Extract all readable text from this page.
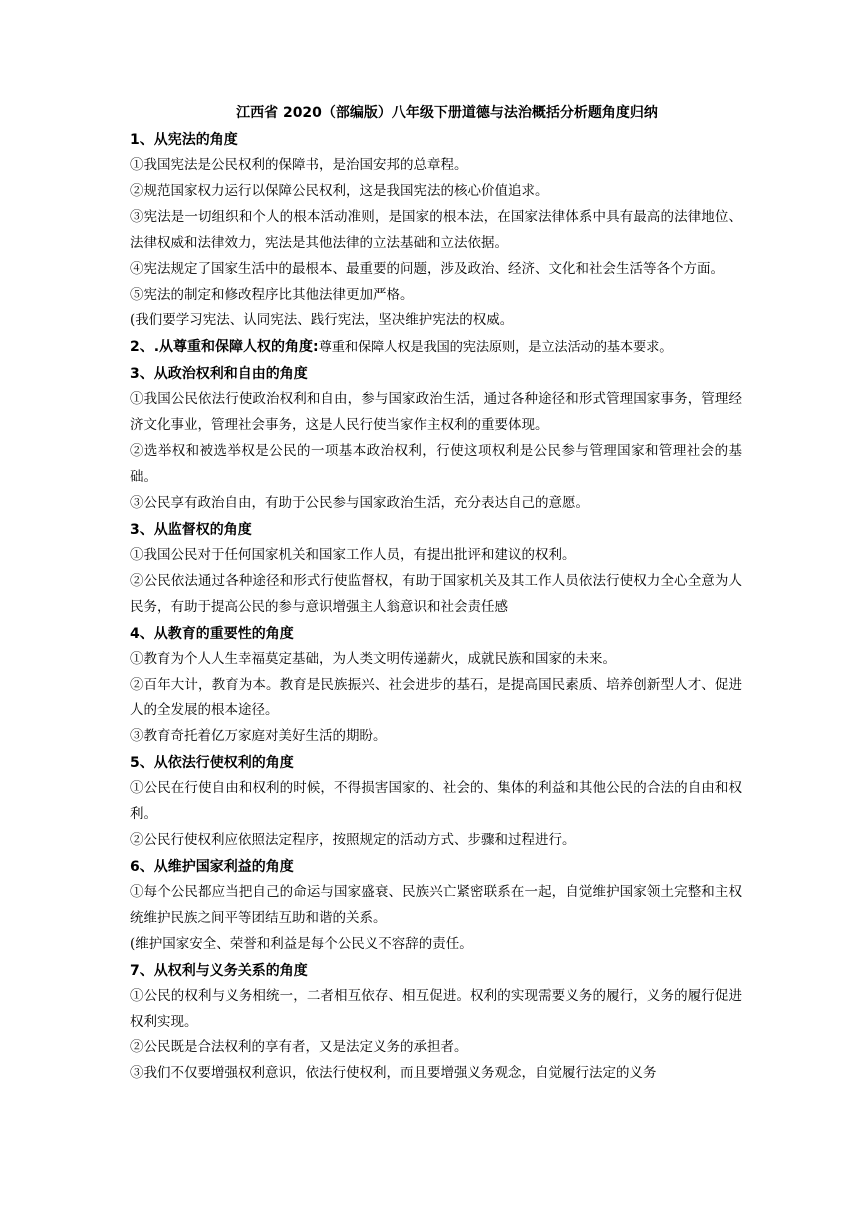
江西省 2020（部编版）八年级下册道德与法治概括分析题角度归纳
1、从宪法的角度
①我国宪法是公民权利的保障书，是治国安邦的总章程。
②规范国家权力运行以保障公民权利，这是我国宪法的核心价值追求。
③宪法是一切组织和个人的根本活动准则，是国家的根本法，在国家法律体系中具有最高的法律地位、法律权威和法律效力，宪法是其他法律的立法基础和立法依据。
④宪法规定了国家生活中的最根本、最重要的问题，涉及政治、经济、文化和社会生活等各个方面。
⑤宪法的制定和修改程序比其他法律更加严格。
(我们要学习宪法、认同宪法、践行宪法，坚决维护宪法的权威。
2、.从尊重和保障人权的角度:尊重和保障人权是我国的宪法原则，是立法活动的基本要求。
3、从政治权利和自由的角度
①我国公民依法行使政治权利和自由，参与国家政治生活，通过各种途径和形式管理国家事务，管理经济文化事业，管理社会事务，这是人民行使当家作主权利的重要体现。
②选举权和被选举权是公民的一项基本政治权利，行使这项权利是公民参与管理国家和管理社会的基础。
③公民享有政治自由，有助于公民参与国家政治生活，充分表达自己的意愿。
3、从监督权的角度
①我国公民对于任何国家机关和国家工作人员，有提出批评和建议的权利。
②公民依法通过各种途径和形式行使监督权，有助于国家机关及其工作人员依法行使权力全心全意为人民务，有助于提高公民的参与意识增强主人翁意识和社会责任感
4、从教育的重要性的角度
①教育为个人人生幸福莫定基础，为人类文明传递薪火，成就民族和国家的未来。
②百年大计，教育为本。教育是民族振兴、社会进步的基石，是提高国民素质、培养创新型人才、促进人的全发展的根本途径。
③教育奇托着亿万家庭对美好生活的期盼。
5、从依法行使权利的角度
①公民在行使自由和权利的时候，不得损害国家的、社会的、集体的利益和其他公民的合法的自由和权利。
②公民行使权利应依照法定程序，按照规定的活动方式、步骤和过程进行。
6、从维护国家利益的角度
①每个公民都应当把自己的命运与国家盛衰、民族兴亡紧密联系在一起，自觉维护国家领土完整和主权统维护民族之间平等团结互助和谐的关系。
(维护国家安全、荣誉和利益是每个公民义不容辞的责任。
7、从权利与义务关系的角度
①公民的权利与义务相统一，二者相互依存、相互促进。权利的实现需要义务的履行，义务的履行促进权利实现。
②公民既是合法权利的享有者，又是法定义务的承担者。
③我们不仅要增强权利意识，依法行使权利，而且要增强义务观念，自觉履行法定的义务
